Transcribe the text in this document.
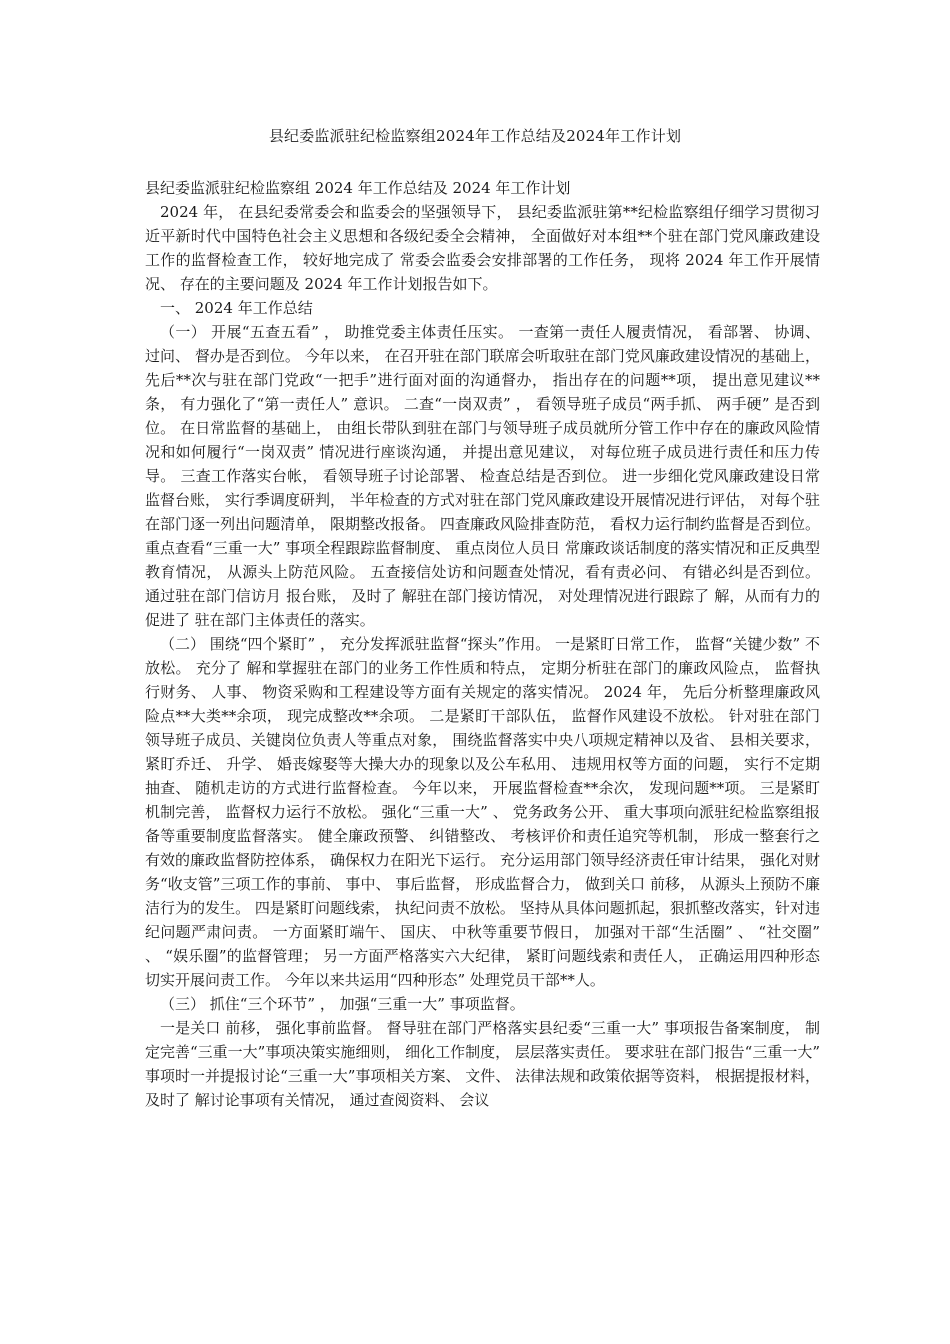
县纪委监派驻纪检监察组2024年工作总结及2024年工作计划

县纪委监派驻纪检监察组 2024 年工作总结及 2024 年工作计划

2024 年， 在县纪委常委会和监委会的坚强领导下， 县纪委监派驻第**纪检监察组仔细学习贯彻习 近平新时代中国特色社会主义思想和各级纪委全会精神， 全面做好对本组**个驻在部门党风廉政建设工作的监督检查工作， 较好地完成了 常委会监委会安排部署的工作任务， 现将 2024 年工作开展情况、 存在的主要问题及 2024 年工作计划报告如下。

一、 2024 年工作总结

（一） 开展“五查五看” ， 助推党委主体责任压实。 一查第一责任人履责情况， 看部署、 协调、 过问、 督办是否到位。 今年以来， 在召开驻在部门联席会听取驻在部门党风廉政建设情况的基础上， 先后**次与驻在部门党政“一把手”进行面对面的沟通督办， 指出存在的问题**项， 提出意见建议**条， 有力强化了“第一责任人” 意识。 二查“一岗双责” ， 看领导班子成员“两手抓、 两手硬” 是否到位。 在日常监督的基础上， 由组长带队到驻在部门与领导班子成员就所分管工作中存在的廉政风险情况和如何履行“一岗双责” 情况进行座谈沟通， 并提出意见建议， 对每位班子成员进行责任和压力传导。 三查工作落实台帐， 看领导班子讨论部署、 检查总结是否到位。 进一步细化党风廉政建设日常监督台账， 实行季调度研判， 半年检查的方式对驻在部门党风廉政建设开展情况进行评估， 对每个驻在部门逐一列出问题清单， 限期整改报备。 四查廉政风险排查防范， 看权力运行制约监督是否到位。 重点查看“三重一大” 事项全程跟踪监督制度、 重点岗位人员日 常廉政谈话制度的落实情况和正反典型教育情况， 从源头上防范风险。 五查接信处访和问题查处情况，看有责必问、 有错必纠是否到位。 通过驻在部门信访月 报台账， 及时了 解驻在部门接访情况， 对处理情况进行跟踪了 解，从而有力的促进了 驻在部门主体责任的落实。

（二） 围绕“四个紧盯” ， 充分发挥派驻监督“探头”作用。 一是紧盯日常工作， 监督“关键少数” 不放松。 充分了 解和掌握驻在部门的业务工作性质和特点， 定期分析驻在部门的廉政风险点， 监督执行财务、 人事、 物资采购和工程建设等方面有关规定的落实情况。 2024 年， 先后分析整理廉政风险点**大类**余项， 现完成整改**余项。 二是紧盯干部队伍， 监督作风建设不放松。 针对驻在部门领导班子成员、关键岗位负责人等重点对象， 围绕监督落实中央八项规定精神以及省、 县相关要求， 紧盯乔迁、 升学、 婚丧嫁娶等大操大办的现象以及公车私用、 违规用权等方面的问题， 实行不定期抽查、 随机走访的方式进行监督检查。 今年以来， 开展监督检查**余次， 发现问题**项。 三是紧盯机制完善， 监督权力运行不放松。 强化“三重一大” 、 党务政务公开、 重大事项向派驻纪检监察组报备等重要制度监督落实。 健全廉政预警、 纠错整改、 考核评价和责任追究等机制， 形成一整套行之有效的廉政监督防控体系， 确保权力在阳光下运行。 充分运用部门领导经济责任审计结果， 强化对财务“收支管”三项工作的事前、 事中、 事后监督， 形成监督合力， 做到关口 前移， 从源头上预防不廉洁行为的发生。 四是紧盯问题线索， 执纪问责不放松。 坚持从具体问题抓起，狠抓整改落实，针对违纪问题严肃问责。 一方面紧盯端午、 国庆、 中秋等重要节假日， 加强对干部“生活圈” 、 “社交圈” 、 “娱乐圈”的监督管理； 另一方面严格落实六大纪律， 紧盯问题线索和责任人， 正确运用四种形态切实开展问责工作。 今年以来共运用“四种形态” 处理党员干部**人。

（三） 抓住“三个环节” ， 加强“三重一大” 事项监督。

一是关口 前移， 强化事前监督。 督导驻在部门严格落实县纪委“三重一大” 事项报告备案制度， 制定完善“三重一大”事项决策实施细则， 细化工作制度， 层层落实责任。 要求驻在部门报告“三重一大” 事项时一并提报讨论“三重一大”事项相关方案、 文件、 法律法规和政策依据等资料， 根据提报材料， 及时了 解讨论事项有关情况， 通过查阅资料、 会议
